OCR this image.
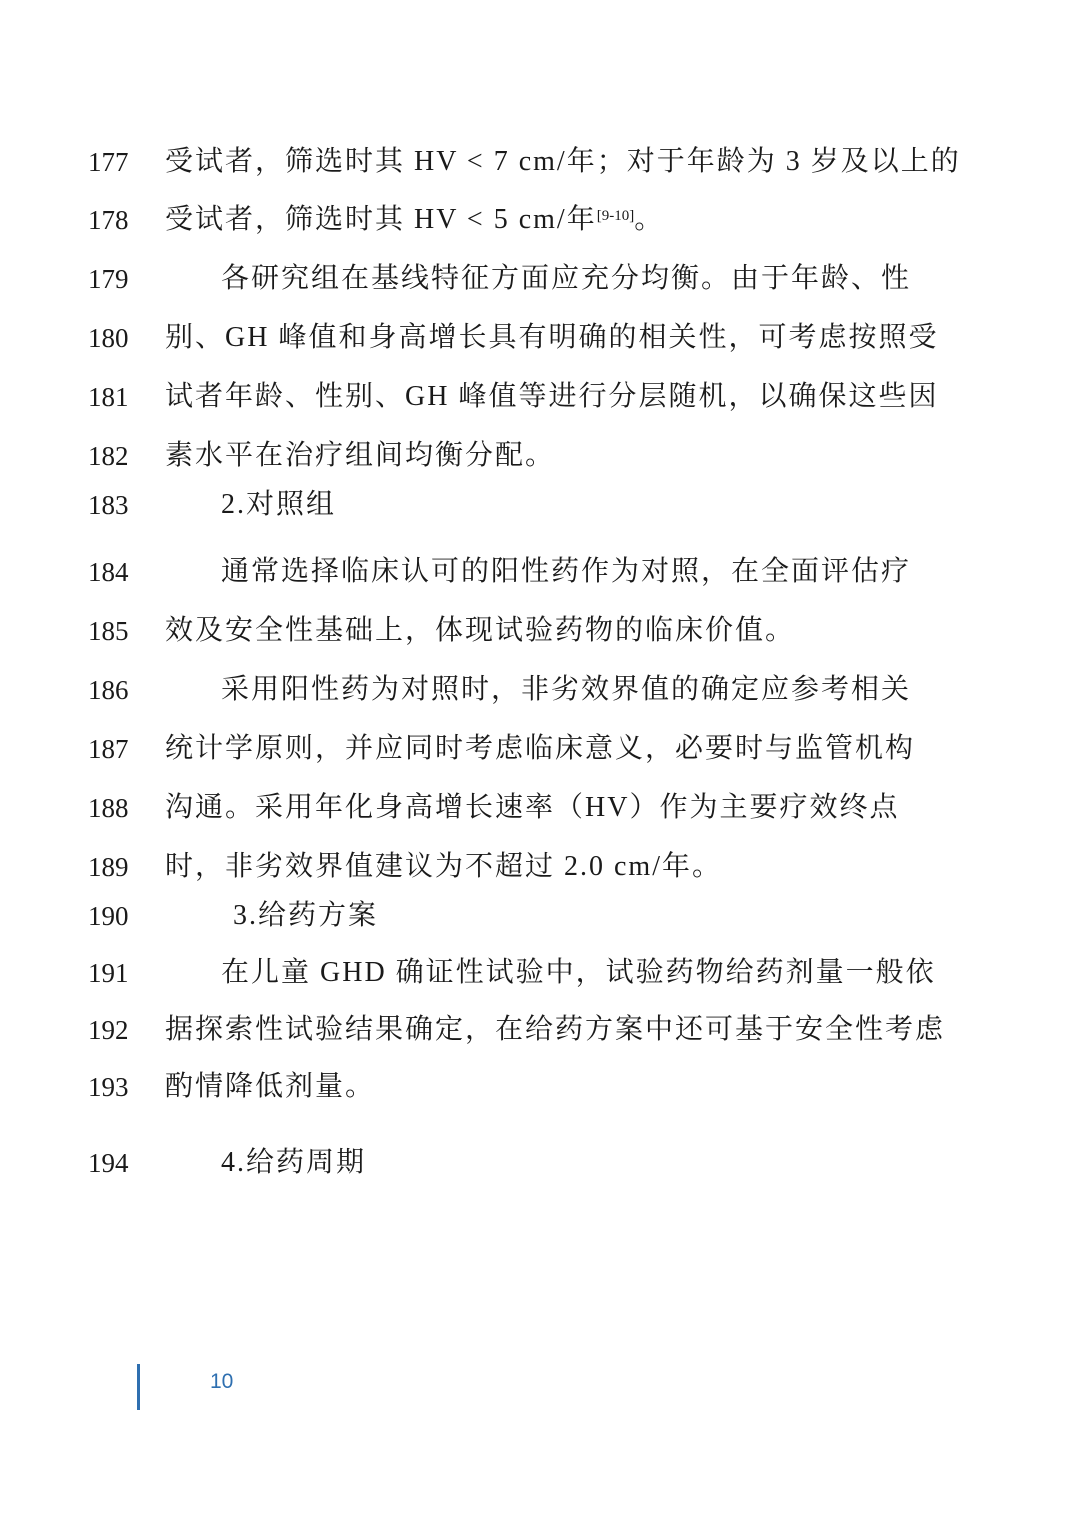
177	受试者，筛选时其 HV < 7 cm/年；对于年龄为 3 岁及以上的
178	受试者，筛选时其 HV < 5 cm/年[9-10]。
179	各研究组在基线特征方面应充分均衡。由于年龄、性
180	别、GH 峰值和身高增长具有明确的相关性，可考虑按照受
181	试者年龄、性别、GH 峰值等进行分层随机，以确保这些因
182	素水平在治疗组间均衡分配。
183	2.对照组
184	通常选择临床认可的阳性药作为对照，在全面评估疗
185	效及安全性基础上，体现试验药物的临床价值。
186	采用阳性药为对照时，非劣效界值的确定应参考相关
187	统计学原则，并应同时考虑临床意义，必要时与监管机构
188	沟通。采用年化身高增长速率（HV）作为主要疗效终点
189	时，非劣效界值建议为不超过 2.0 cm/年。
190	3.给药方案
191	在儿童 GHD 确证性试验中，试验药物给药剂量一般依
192	据探索性试验结果确定，在给药方案中还可基于安全性考虑
193	酌情降低剂量。
194	4.给药周期
10
